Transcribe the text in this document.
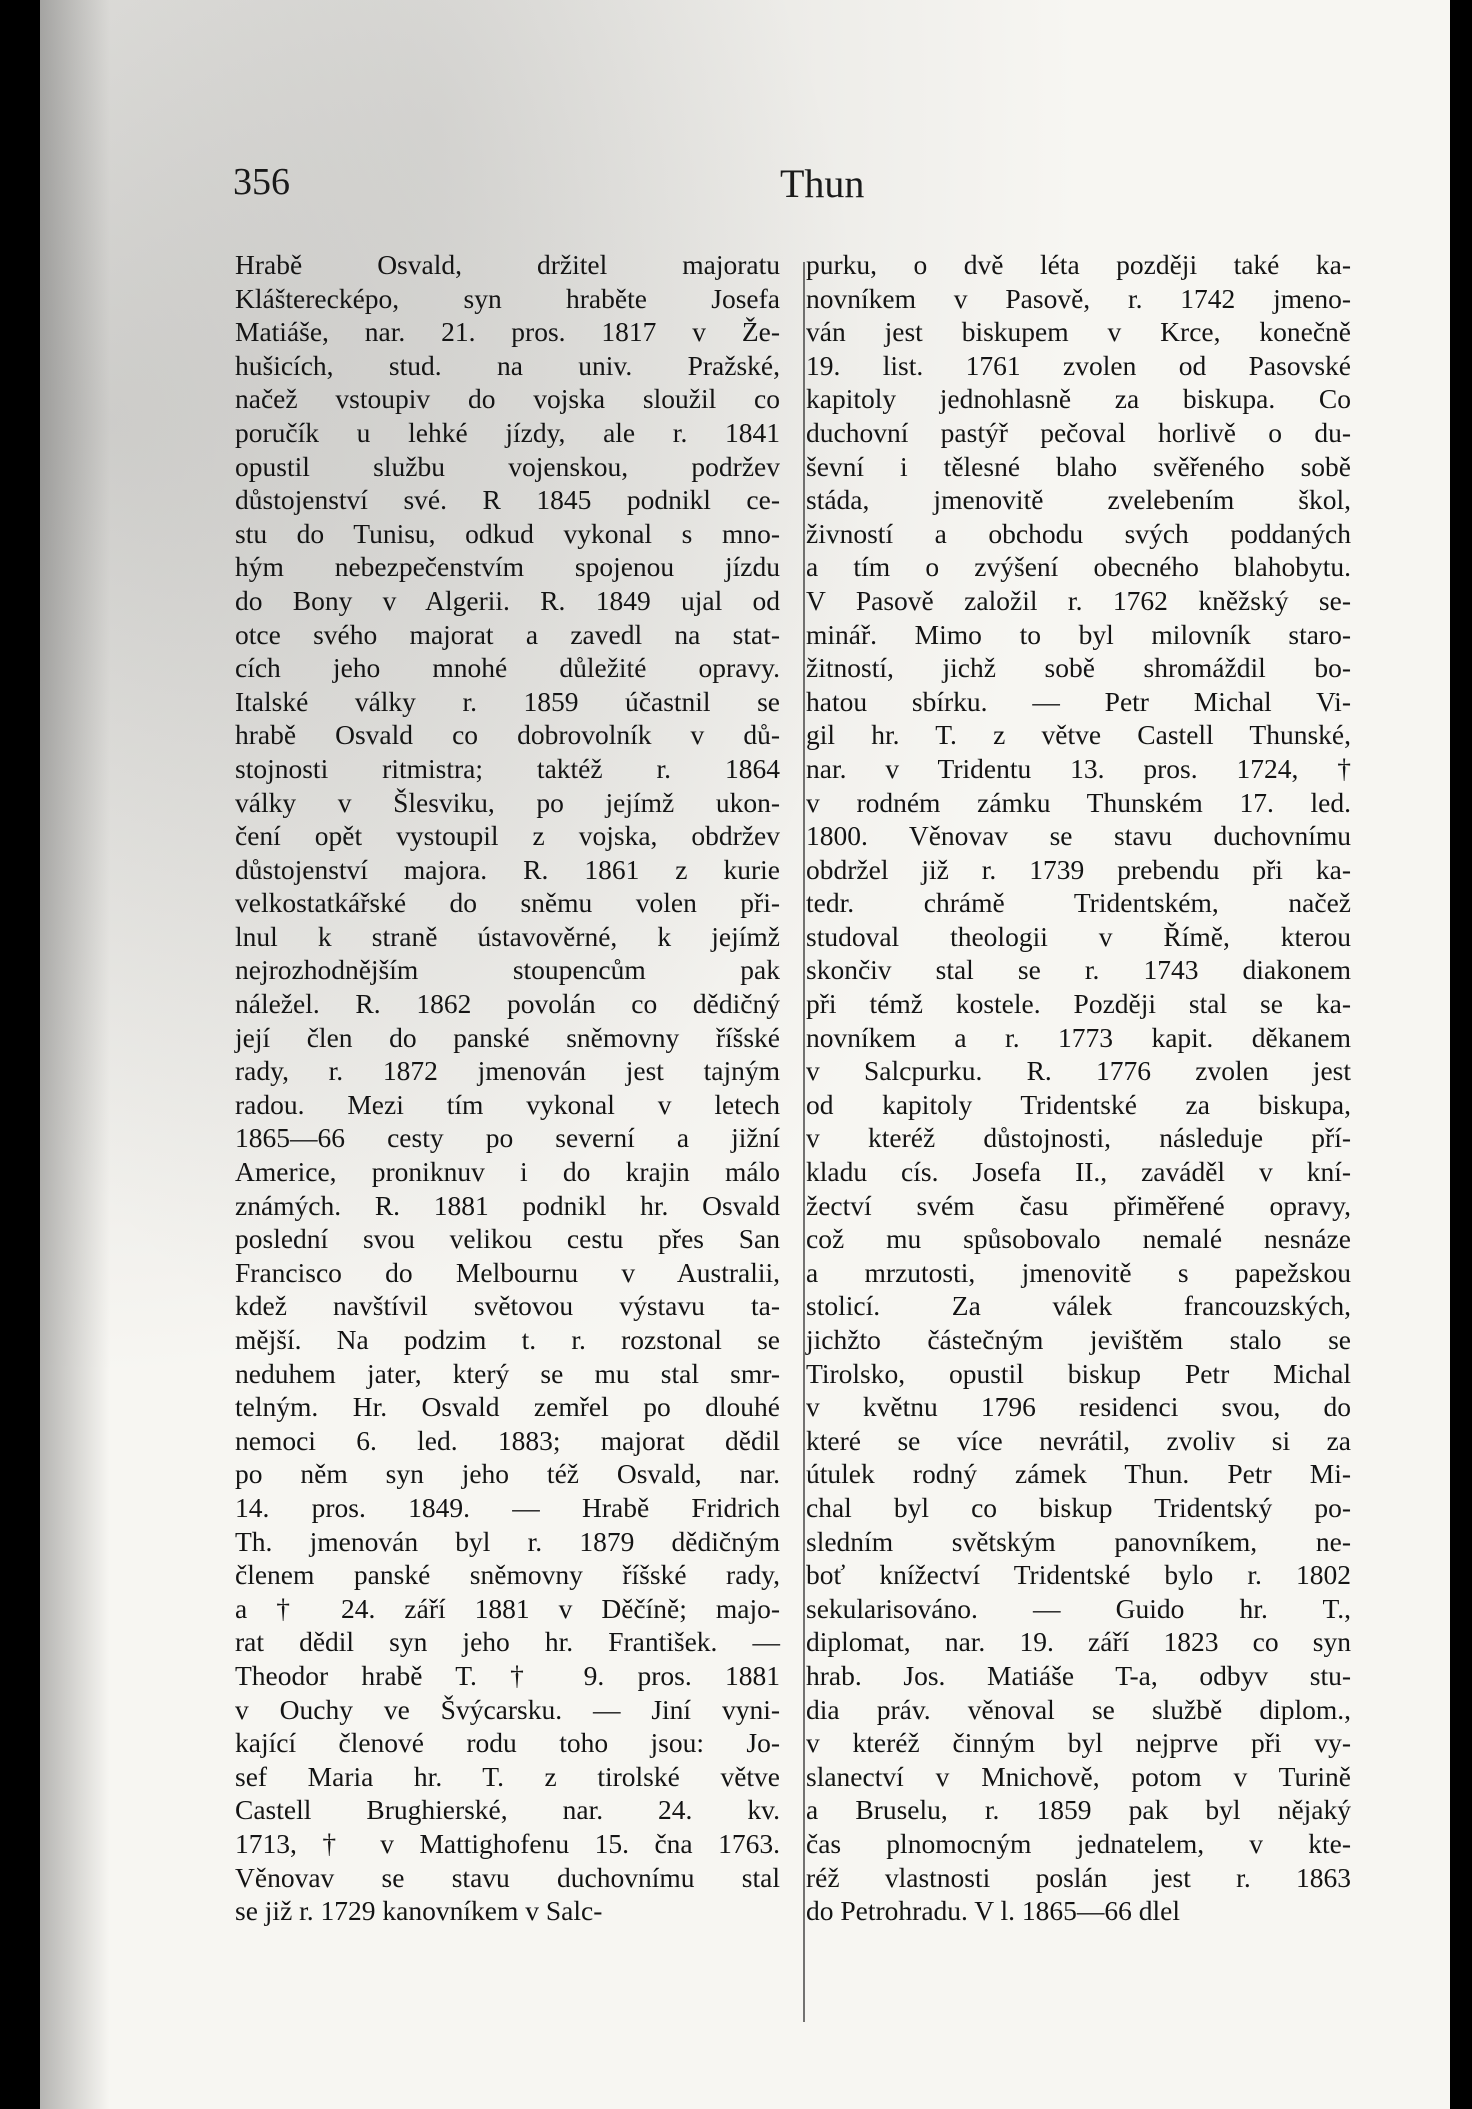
356	Thun
Hrabě Osvald, držitel majoratu
Klášterecképo, syn hraběte Josefa
Matiáše, nar. 21. pros. 1817 v Že-
hušicích, stud. na univ. Pražské,
načež vstoupiv do vojska sloužil co
poručík u lehké jízdy, ale r. 1841
opustil službu vojenskou, podržev
důstojenství své. R 1845 podnikl ce-
stu do Tunisu, odkud vykonal s mno-
hým nebezpečenstvím spojenou jízdu
do Bony v Algerii. R. 1849 ujal od
otce svého majorat a zavedl na stat-
cích jeho mnohé důležité opravy.
Italské války r. 1859 účastnil se
hrabě Osvald co dobrovolník v dů-
stojnosti ritmistra; taktéž r. 1864
války v Šlesviku, po jejímž ukon-
čení opět vystoupil z vojska, obdržev
důstojenství majora. R. 1861 z kurie
velkostatkářské do sněmu volen při-
lnul k straně ústavověrné, k jejímž
nejrozhodnějším stoupencům pak
náležel. R. 1862 povolán co dědičný
její člen do panské sněmovny říšské
rady, r. 1872 jmenován jest tajným
radou. Mezi tím vykonal v letech
1865—66 cesty po severní a jižní
Americe, proniknuv i do krajin málo
známých. R. 1881 podnikl hr. Osvald
poslední svou velikou cestu přes San
Francisco do Melbournu v Australii,
kdež navštívil světovou výstavu ta-
mější. Na podzim t. r. rozstonal se
neduhem jater, který se mu stal smr-
telným. Hr. Osvald zemřel po dlouhé
nemoci 6. led. 1883; majorat dědil
po něm syn jeho též Osvald, nar.
14. pros. 1849. — Hrabě Fridrich
Th. jmenován byl r. 1879 dědičným
členem panské sněmovny říšské rady,
a † 24. září 1881 v Děčíně; majo-
rat dědil syn jeho hr. František. —
Theodor hrabě T. † 9. pros. 1881
v Ouchy ve Švýcarsku. — Jiní vyni-
kající členové rodu toho jsou: Jo-
sef Maria hr. T. z tirolské větve
Castell Brughierské, nar. 24. kv.
1713, † v Mattighofenu 15. čna 1763.
Věnovav se stavu duchovnímu stal
se již r. 1729 kanovníkem v Salc-
purku, o dvě léta později také ka-
novníkem v Pasově, r. 1742 jmeno-
ván jest biskupem v Krce, konečně
19. list. 1761 zvolen od Pasovské
kapitoly jednohlasně za biskupa. Co
duchovní pastýř pečoval horlivě o du-
ševní i tělesné blaho svěřeného sobě
stáda, jmenovitě zvelebením škol,
živností a obchodu svých poddaných
a tím o zvýšení obecného blahobytu.
V Pasově založil r. 1762 kněžský se-
minář. Mimo to byl milovník staro-
žitností, jichž sobě shromáždil bo-
hatou sbírku. — Petr Michal Vi-
gil hr. T. z větve Castell Thunské,
nar. v Tridentu 13. pros. 1724, †
v rodném zámku Thunském 17. led.
1800. Věnovav se stavu duchovnímu
obdržel již r. 1739 prebendu při ka-
tedr. chrámě Tridentském, načež
studoval theologii v Římě, kterou
skončiv stal se r. 1743 diakonem
při témž kostele. Později stal se ka-
novníkem a r. 1773 kapit. děkanem
v Salcpurku. R. 1776 zvolen jest
od kapitoly Tridentské za biskupa,
v kteréž důstojnosti, následuje pří-
kladu cís. Josefa II., zaváděl v kní-
žectví svém času přiměřené opravy,
což mu spůsobovalo nemalé nesnáze
a mrzutosti, jmenovitě s papežskou
stolicí. Za válek francouzských,
jichžto částečným jevištěm stalo se
Tirolsko, opustil biskup Petr Michal
v květnu 1796 residenci svou, do
které se více nevrátil, zvoliv si za
útulek rodný zámek Thun. Petr Mi-
chal byl co biskup Tridentský po-
sledním světským panovníkem, ne-
boť knížectví Tridentské bylo r. 1802
sekularisováno. — Guido hr. T.,
diplomat, nar. 19. září 1823 co syn
hrab. Jos. Matiáše T-a, odbyv stu-
dia práv. věnoval se službě diplom.,
v kteréž činným byl nejprve při vy-
slanectví v Mnichově, potom v Turině
a Bruselu, r. 1859 pak byl nějaký
čas plnomocným jednatelem, v kte-
réž vlastnosti poslán jest r. 1863
do Petrohradu. V l. 1865—66 dlel
